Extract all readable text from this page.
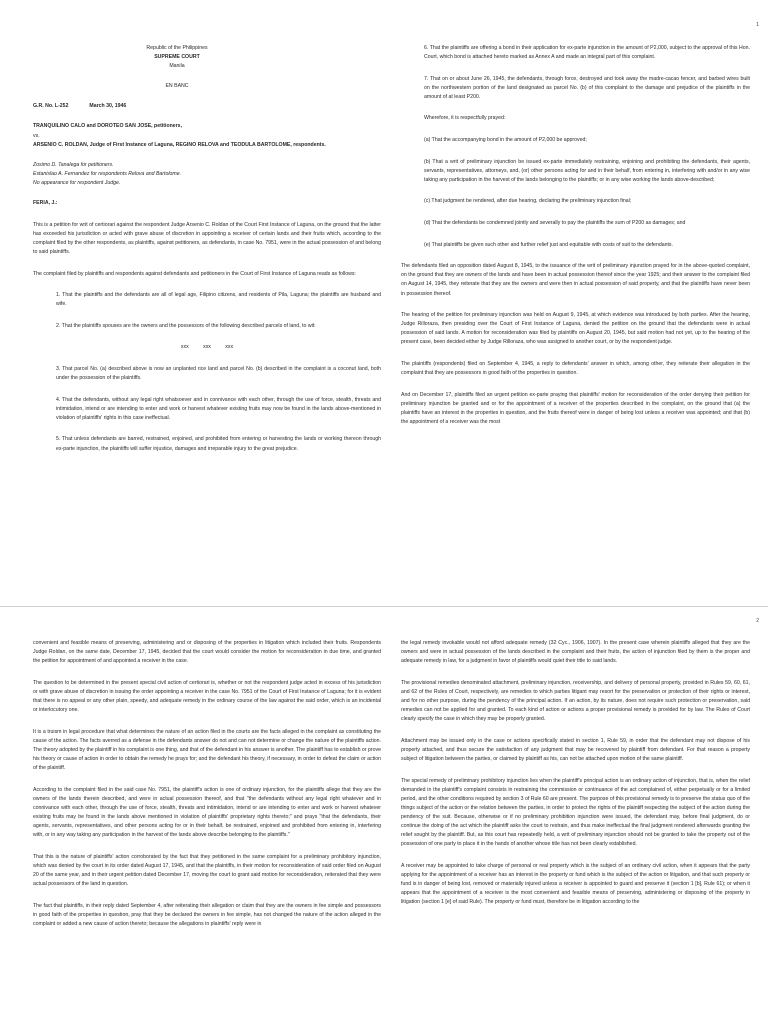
1
Republic of the Philippines
SUPREME COURT
Manila
EN BANC
G.R. No. L-252	March 30, 1946
TRANQUILINO CALO and DOROTEO SAN JOSE, petitioners,
vs.
ARSENIO C. ROLDAN, Judge of First Instance of Laguna, REGINO RELOVA and TEODULA BARTOLOME, respondents.
Zosimo D. Tanalega for petitioners.
Estanislao A. Fernandez for respondents Relova and Bartolome.
No appearance for respondent Judge.

FERIA, J.:

This is a petition for writ of certiorari against the respondent Judge Arsenio C. Roldan of the Court First Instance of Laguna, on the ground that the latter has exceeded his jurisdiction or acted with grave abuse of discretion in appointing a receiver of certain lands and their fruits which, according to the complaint filed by the other respondents, as plaintiffs, against petitioners, as defendants, in case No. 7951, were in the actual possession of and belong to said plaintiffs.

The complaint filed by plaintiffs and respondents against defendants and petitioners in the Court of First Instance of Laguna reads as follows:

1. That the plaintiffs and the defendants are all of legal age, Filipino citizens, and residents of Pila, Laguna; the plaintiffs are husband and wife.

2. That the plaintiffs spouses are the owners and the possessors of the following described parcels of land, to wit:

xxx          xxx          xxx

3. That parcel No. (a) described above is now an unplanted rice land and parcel No. (b) described in the complaint is a coconut land, both under the possession of the plaintiffs.

4. That the defendants, without any legal right whatsoever and in connivance with each other, through the use of force, stealth, threats and intimidation, intend or are intending to enter and work or harvest whatever existing fruits may now be found in the lands above-mentioned in violation of plaintiffs' rights in this case ineffectual.

5. That unless defendants are barred, restrained, enjoined, and prohibited from entering or harvesting the lands or working thereon through ex-parte injunction, the plaintiffs will suffer injustice, damages and irreparable injury to the great prejudice.

6. That the plaintiffs are offering a bond in their application for ex-parte injunction in the amount of P2,000, subject to the approval of this Hon. Court, which bond is attached hereto marked as Annex A and made an integral part of this complaint.

7. That on or about June 26, 1945, the defendants, through force, destroyed and took away the madre-cacao fencer, and barbed wires built on the northwestern portion of the land designated as parcel No. (b) of this complaint to the damage and prejudice of the plaintiffs in the amount of at least P200.

Wherefore, it is respectfully prayed:

(a) That the accompanying bond in the amount of P2,000 be approved;

(b) That a writ of preliminary injunction be issued ex-parte immediately restraining, enjoining and prohibiting the defendants, their agents, servants, representatives, attorneys, and, (or) other persons acting for and in their behalf, from entering in, interfering with and/or in any wise taking any participation in the harvest of the lands belonging to the plaintiffs; or in any wise working the lands above-described;

(c) That judgment be rendered, after due hearing, declaring the preliminary injunction final;

(d) That the defendants be condemned jointly and severally to pay the plaintiffs the sum of P200 as damages; and

(e) That plaintiffs be given such other and further relief just and equitable with costs of suit to the defendants.

The defendants filed an opposition dated August 8, 1945, to the issuance of the writ of preliminary injunction prayed for in the above-quoted complaint, on the ground that they are owners of the lands and have been in actual possession thereof since the year 1925; and their answer to the complaint filed on August 14, 1945, they reiterate that they are the owners and were then in actual possession of said property, and that the plaintiffs have never been in possession thereof.

The hearing of the petition for preliminary injunction was held on August 9, 1945, at which evidence was introduced by both parties. After the hearing, Judge Rilloraza, then presiding over the Court of First Instance of Laguna, denied the petition on the ground that the defendants were in actual possession of said lands. A motion for reconsideration was filed by plaintiffs on August 20, 1945, but said motion had not yet, up to the hearing of the present case, been decided either by Judge Rilloraza, who was assigned to another court, or by the respondent judge.

The plaintiffs (respondents) filed on September 4, 1945, a reply to defendants' answer in which, among other, they reiterate their allegation in the complaint that they are possessors in good faith of the properties in question.

And on December 17, plaintiffs filed an urgent petition ex-parte praying that plaintiffs' motion for reconsideration of the order denying their petition for preliminary injunction be granted and or for the appointment of a receiver of the properties described in the complaint, on the ground that (a) the plaintiffs have an interest in the properties in question, and the fruits thereof were in danger of being lost unless a receiver was appointed; and that (b) the appointment of a receiver was the most

2

convenient and feasible means of preserving, administering and or disposing of the properties in litigation which included their fruits. Respondents Judge Roldan, on the same date, December 17, 1945, decided that the court would consider the motion for reconsideration in due time, and granted the petition for appointment of and appointed a receiver in the case.

The question to be determined in the present special civil action of certiorari is, whether or not the respondent judge acted in excess of his jurisdiction or with grave abuse of discretion in issuing the order appointing a receiver in the case No. 7951 of the Court of First Instance of Laguna; for it is evident that there is no appeal or any other plain, speedy, and adequate remedy in the ordinary course of the law against the said order, which is an incidental or interlocutory one.

It is a truism in legal procedure that what determines the nature of an action filed in the courts are the facts alleged in the complaint as constituting the cause of the action. The facts averred as a defense in the defendants answer do not and can not determine or change the nature of the plaintiffs action. The theory adopted by the plaintiff in his complaint is one thing, and that of the defendant in his answer is another. The plaintiff has to establish or prove his theory or cause of action in order to obtain the remedy he prays for; and the defendant his theory, if necessary, in order to defeat the claim or action of the plaintiff.

According to the complaint filed in the said case No. 7951, the plaintiff's action is one of ordinary injunction, for the plaintiffs allege that they are the owners of the lands therein described, and were in actual possession thereof, and that "the defendants without any legal right whatever and in connivance with each other, through the use of force, stealth, threats and intimidation, intend or are intending to enter and work or harvest whatever existing fruits may be found in the lands above mentioned in violation of plaintiffs' proprietary rights thereto;" and prays "that the defendants, their agents, servants, representatives, and other persons acting for or in their behalf, be restrained, enjoined and prohibited from entering in, interfering with, or in any way taking any participation in the harvest of the lands above describe belonging to the plaintiffs."

That this is the nature of plaintiffs' action corroborated by the fact that they petitioned in the same complaint for a preliminary prohibitory injunction, which was denied by the court in its order dated August 17, 1945, and that the plaintiffs, in their motion for reconsideration of said order filed on August 20 of the same year, and in their urgent petition dated December 17, moving the court to grant said motion for reconsideration, reiterated that they were actual possessors of the land in question.

The fact that plaintiffs, in their reply dated September 4, after reiterating their allegation or claim that they are the owners in fee simple and possessors in good faith of the properties in question, pray that they be declared the owners in fee simple, has not changed the nature of the action alleged in the complaint or added a new cause of action thereto; because the allegations in plaintiffs' reply were in

the legal remedy invokable would not afford adequate remedy (32 Cyc., 1906, 1907). In the present case wherein plaintiffs alleged that they are the owners and were in actual possession of the lands described in the complaint and their fruits, the action of injunction filed by them is the proper and adequate remedy in law, for a judgment in favor of plaintiffs would quiet their title to said lands.

The provisional remedies denominated attachment, preliminary injunction, receivership, and delivery of personal property, provided in Rules 59, 60, 61, and 62 of the Rules of Court, respectively, are remedies to which parties litigant may resort for the preservation or protection of their rights or interest, and for no other purpose, during the pendency of the principal action. If an action, by its nature, does not require such protection or preservation, said remedies can not be applied for and granted. To each kind of action or actions a proper provisional remedy is provided for by law. The Rules of Court clearly specify the case in which they may be properly granted.

Attachment may be issued only in the case or actions specifically stated in section 1, Rule 59, in order that the defendant may not dispose of his property attached, and thus secure the satisfaction of any judgment that may be recovered by plaintiff from defendant. For that reason a property subject of litigation between the parties, or claimed by plaintiff as his, can not be attached upon motion of the same plaintiff.

The special remedy of preliminary prohibitory injunction lies when the plaintiff's principal action is an ordinary action of injunction, that is, when the relief demanded in the plaintiff's complaint consists in restraining the commission or continuance of the act complained of, either perpetually or for a limited period, and the other conditions required by section 3 of Rule 60 are present. The purpose of this provisional remedy is to preserve the status quo of the things subject of the action or the relation between the parties, in order to protect the rights of the plaintiff respecting the subject of the action during the pendency of the suit. Because, otherwise or if no preliminary prohibition injunction were issued, the defendant may, before final judgment, do or continue the doing of the act which the plaintiff asks the court to restrain, and thus make ineffectual the final judgment rendered afterwards granting the relief sought by the plaintiff. But, as this court has repeatedly held, a writ of preliminary injunction should not be granted to take the property out of the possession of one party to place it in the hands of another whose title has not been clearly established.

A receiver may be appointed to take charge of personal or real property which is the subject of an ordinary civil action, when it appears that the party applying for the appointment of a receiver has an interest in the property or fund which is the subject of the action or litigation, and that such property or fund is in danger of being lost, removed or materially injured unless a receiver is appointed to guard and preserve it (section 1 [b], Rule 61); or when it appears that the appointment of a receiver is the most convenient and feasible means of preserving, administering or disposing of the property in litigation (section 1 [e] of said Rule). The property or fund must, therefore be in litigation according to the
